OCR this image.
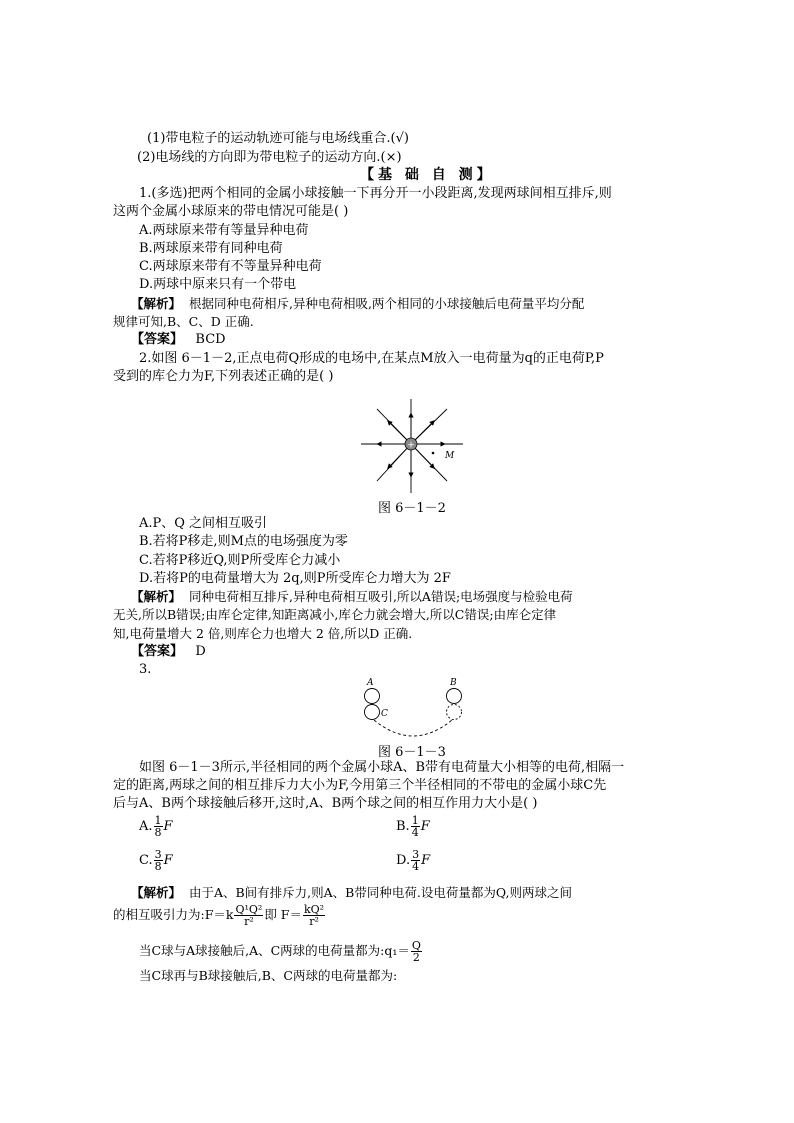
(1)带电粒子的运动轨迹可能与电场线重合.(√)
(2)电场线的方向即为带电粒子的运动方向.(×)
【基 础 自 测】
1.(多选)把两个相同的金属小球接触一下再分开一小段距离,发现两球间相互排斥,则
这两个金属小球原来的带电情况可能是( )
A.两球原来带有等量异种电荷
B.两球原来带有同种电荷
C.两球原来带有不等量异种电荷
D.两球中原来只有一个带电
【解析】 根据同种电荷相斥,异种电荷相吸,两个相同的小球接触后电荷量平均分配
规律可知,B、C、D 正确.
【答案】 BCD
2.如图 6－1－2,正点电荷Q形成的电场中,在某点M放入一电荷量为q的正电荷P,P
受到的库仑力为F,下列表述正确的是( )
+
M
图 6－1－2
A.P、Q 之间相互吸引
B.若将P移走,则M点的电场强度为零
C.若将P移近Q,则P所受库仑力减小
D.若将P的电荷量增大为 2q,则P所受库仑力增大为 2F
【解析】 同种电荷相互排斥,异种电荷相互吸引,所以A错误;电场强度与检验电荷
无关,所以B错误;由库仑定律,知距离减小,库仑力就会增大,所以C错误;由库仑定律
知,电荷量增大 2 倍,则库仑力也增大 2 倍,所以D 正确.
【答案】 D
3.
A
C
B
图 6－1－3
如图 6－1－3所示,半径相同的两个金属小球A、B带有电荷量大小相等的电荷,相隔一
定的距离,两球之间的相互排斥力大小为F,今用第三个半径相同的不带电的金属小球C先
后与A、B两个球接触后移开,这时,A、B两个球之间的相互作用力大小是( )
A. $\frac{1}{8}$ F	B. $\frac{1}{4}$ F
C. $\frac{3}{8}$ F	D. $\frac{3}{4}$ F
【解析】 由于A、B间有排斥力,则A、B带同种电荷.设电荷量都为Q,则两球之间
的相互吸引力为:F＝k $\frac{\text{Q¹Q²}}{\text{r²}}$ 即 $F= \frac{\text{kQ²}}{\text{r²}}$
当C球与A球接触后,A、C两球的电荷量都为:q₁＝ $\frac{Q}{2}$
当C球再与B球接触后,B、C两球的电荷量都为:
